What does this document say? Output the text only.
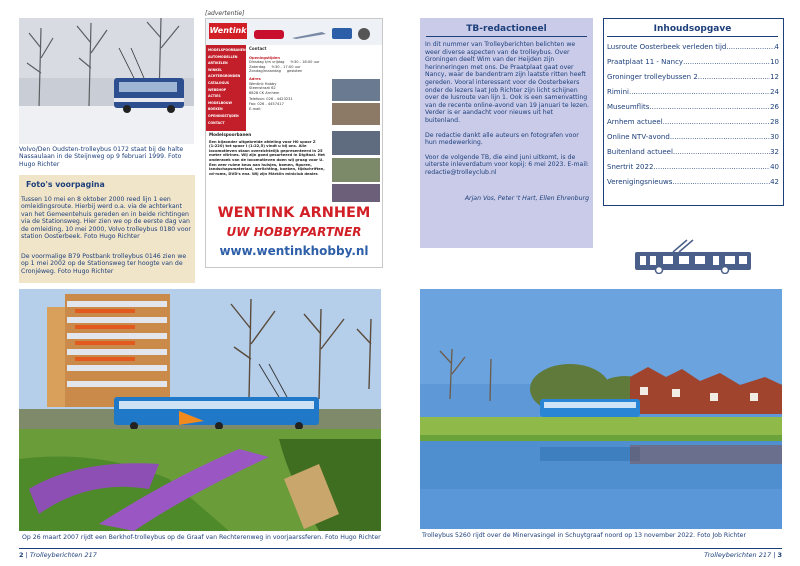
Volvo/Den Oudsten-trolleybus 0172 staat bij de halte Nassaulaan in de Steijnweg op 9 februari 1999. Foto Hugo Richter
Foto's voorpagina
Tussen 10 mei en 8 oktober 2000 reed lijn 1 een omleidingsroute. Hierbij werd o.a. via de achterkant van het Gemeentehuis gereden en in beide richtingen via de Stationsweg. Hier zien we op de eerste dag van de omleiding, 10 mei 2000, Volvo trolleybus 0180 voor station Oosterbeek. Foto Hugo Richter
De voormalige B79 Postbank trolleybus 0146 zien we op 1 mei 2002 op de Stationsweg ter hoogte van de Cronjéweg. Foto Hugo Richter
[advertentie]
Wentink
MODELSPOORBANEN
AUTOMODELLEN
ARTIKELEN
WINKEL
ACHTERGRONDEN
CATALOGUS
WEBSHOP
ACTIES
MODELBOUW
BOEKEN
OPENINGSTIJDEN
CONTACT
Contact
Openingstijden
Dinsdag t/m vrijdag 9:30 - 18:00 uur
Zaterdag 9:30 - 17:00 uur
Zondag/maandag gesloten
Adres
Wentink Hobby
Steenstraat 62
6828 CK Arnhem
Telefoon: 026 - 4423231
Fax: 026 - 4457417
E-mail:
Modelspoorbanen
Een bijzonder uitgebreide afdeling voor H0 spoor Z (1:220) tot spoor I (1:22,5) vindt u bij ons. Alle locomotieven staan overzichtelijk gepresenteerd in 25 meter vitrines. Wij zijn goed gesorteerd in Digitaal. Het onderzoek van de locomotieven doen wij graag voor U. Een zeer ruime keus aan huisjes, bomen, figuren, landschapsmateriaal, verlichting, boeken, tijdschriften, cd-roms, DVD's enz. Wij zijn Märklin minicIub dealer.
WENTINK ARNHEM
UW HOBBYPARTNER
www.wentinkhobby.nl
TB-redactioneel

In dit nummer van Trolleyberichten belichten we weer diverse aspecten van de trolleybus. Over Groningen deelt Wim van der Heijden zijn herinneringen met ons. De Praatplaat gaat over Nancy, waar de bandentram zijn laatste ritten heeft gereden. Vooral interessant voor de Oosterbekers onder de lezers laat Job Richter zijn licht schijnen over de lusroute van lijn 1. Ook is een samenvatting van de recente online-avond van 19 januari te lezen. Verder is er aandacht voor nieuws uit het buitenland.

De redactie dankt alle auteurs en fotografen voor hun medewerking.

Voor de volgende TB, die eind juni uitkomt, is de uiterste inleverdatum voor kopij: 6 mei 2023. E-mail: redactie@trolleyclub.nl

Arjan Vos, Peter 't Hart, Ellen Ehrenburg
Inhoudsopgave
Lusroute Oosterbeek verleden tijd .....	4
Praatplaat 11 - Nancy .....	10
Groninger trolleybussen 2 .....	12
Rimini .....	24
Museumflits .....	26
Arnhem actueel .....	28
Online NTV-avond .....	30
Buitenland actueel .....	32
Snertrit 2022 .....	40
Verenigingsnieuws .....	42
Op 26 maart 2007 rijdt een Berkhof-trolleybus op de Graaf van Rechterenweg in voorjaarssferen. Foto Hugo Richter	Trolleybus 5260 rijdt over de Minervasingel in Schuytgraaf noord op 13 november 2022. Foto Job Richter
2 | Trolleyberichten 217	Trolleyberichten 217 | 3
